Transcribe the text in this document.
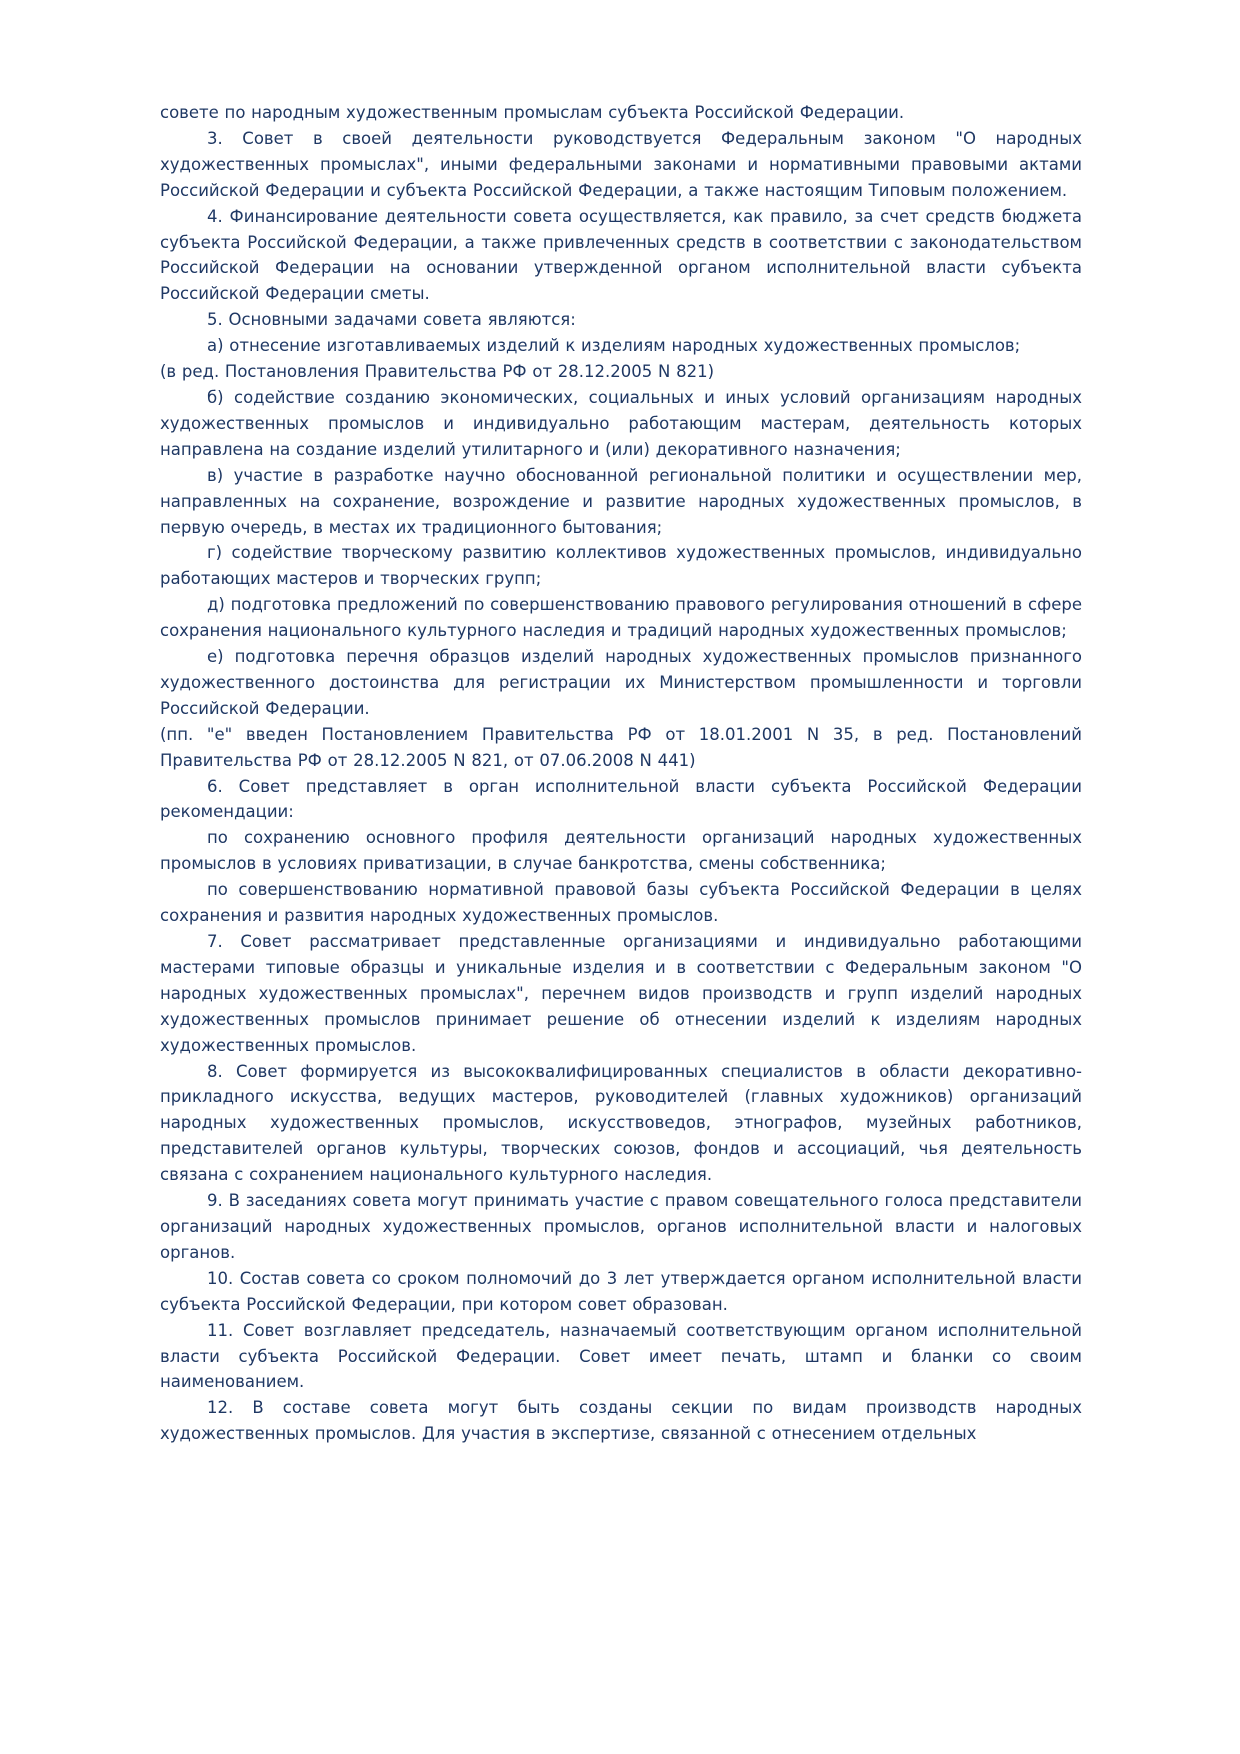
совете по народным художественным промыслам субъекта Российской Федерации.

3. Совет в своей деятельности руководствуется Федеральным законом "О народных художественных промыслах", иными федеральными законами и нормативными правовыми актами Российской Федерации и субъекта Российской Федерации, а также настоящим Типовым положением.

4. Финансирование деятельности совета осуществляется, как правило, за счет средств бюджета субъекта Российской Федерации, а также привлеченных средств в соответствии с законодательством Российской Федерации на основании утвержденной органом исполнительной власти субъекта Российской Федерации сметы.

5. Основными задачами совета являются:

а) отнесение изготавливаемых изделий к изделиям народных художественных промыслов;

(в ред. Постановления Правительства РФ от 28.12.2005 N 821)

б) содействие созданию экономических, социальных и иных условий организациям народных художественных промыслов и индивидуально работающим мастерам, деятельность которых направлена на создание изделий утилитарного и (или) декоративного назначения;

в) участие в разработке научно обоснованной региональной политики и осуществлении мер, направленных на сохранение, возрождение и развитие народных художественных промыслов, в первую очередь, в местах их традиционного бытования;

г) содействие творческому развитию коллективов художественных промыслов, индивидуально работающих мастеров и творческих групп;

д) подготовка предложений по совершенствованию правового регулирования отношений в сфере сохранения национального культурного наследия и традиций народных художественных промыслов;

е) подготовка перечня образцов изделий народных художественных промыслов признанного художественного достоинства для регистрации их Министерством промышленности и торговли Российской Федерации.

(пп. "е" введен Постановлением Правительства РФ от 18.01.2001 N 35, в ред. Постановлений Правительства РФ от 28.12.2005 N 821, от 07.06.2008 N 441)

6. Совет представляет в орган исполнительной власти субъекта Российской Федерации рекомендации:

по сохранению основного профиля деятельности организаций народных художественных промыслов в условиях приватизации, в случае банкротства, смены собственника;

по совершенствованию нормативной правовой базы субъекта Российской Федерации в целях сохранения и развития народных художественных промыслов.

7. Совет рассматривает представленные организациями и индивидуально работающими мастерами типовые образцы и уникальные изделия и в соответствии с Федеральным законом "О народных художественных промыслах", перечнем видов производств и групп изделий народных художественных промыслов принимает решение об отнесении изделий к изделиям народных художественных промыслов.

8. Совет формируется из высококвалифицированных специалистов в области декоративно-прикладного искусства, ведущих мастеров, руководителей (главных художников) организаций народных художественных промыслов, искусствоведов, этнографов, музейных работников, представителей органов культуры, творческих союзов, фондов и ассоциаций, чья деятельность связана с сохранением национального культурного наследия.

9. В заседаниях совета могут принимать участие с правом совещательного голоса представители организаций народных художественных промыслов, органов исполнительной власти и налоговых органов.

10. Состав совета со сроком полномочий до 3 лет утверждается органом исполнительной власти субъекта Российской Федерации, при котором совет образован.

11. Совет возглавляет председатель, назначаемый соответствующим органом исполнительной власти субъекта Российской Федерации. Совет имеет печать, штамп и бланки со своим наименованием.

12. В составе совета могут быть созданы секции по видам производств народных художественных промыслов. Для участия в экспертизе, связанной с отнесением отдельных
